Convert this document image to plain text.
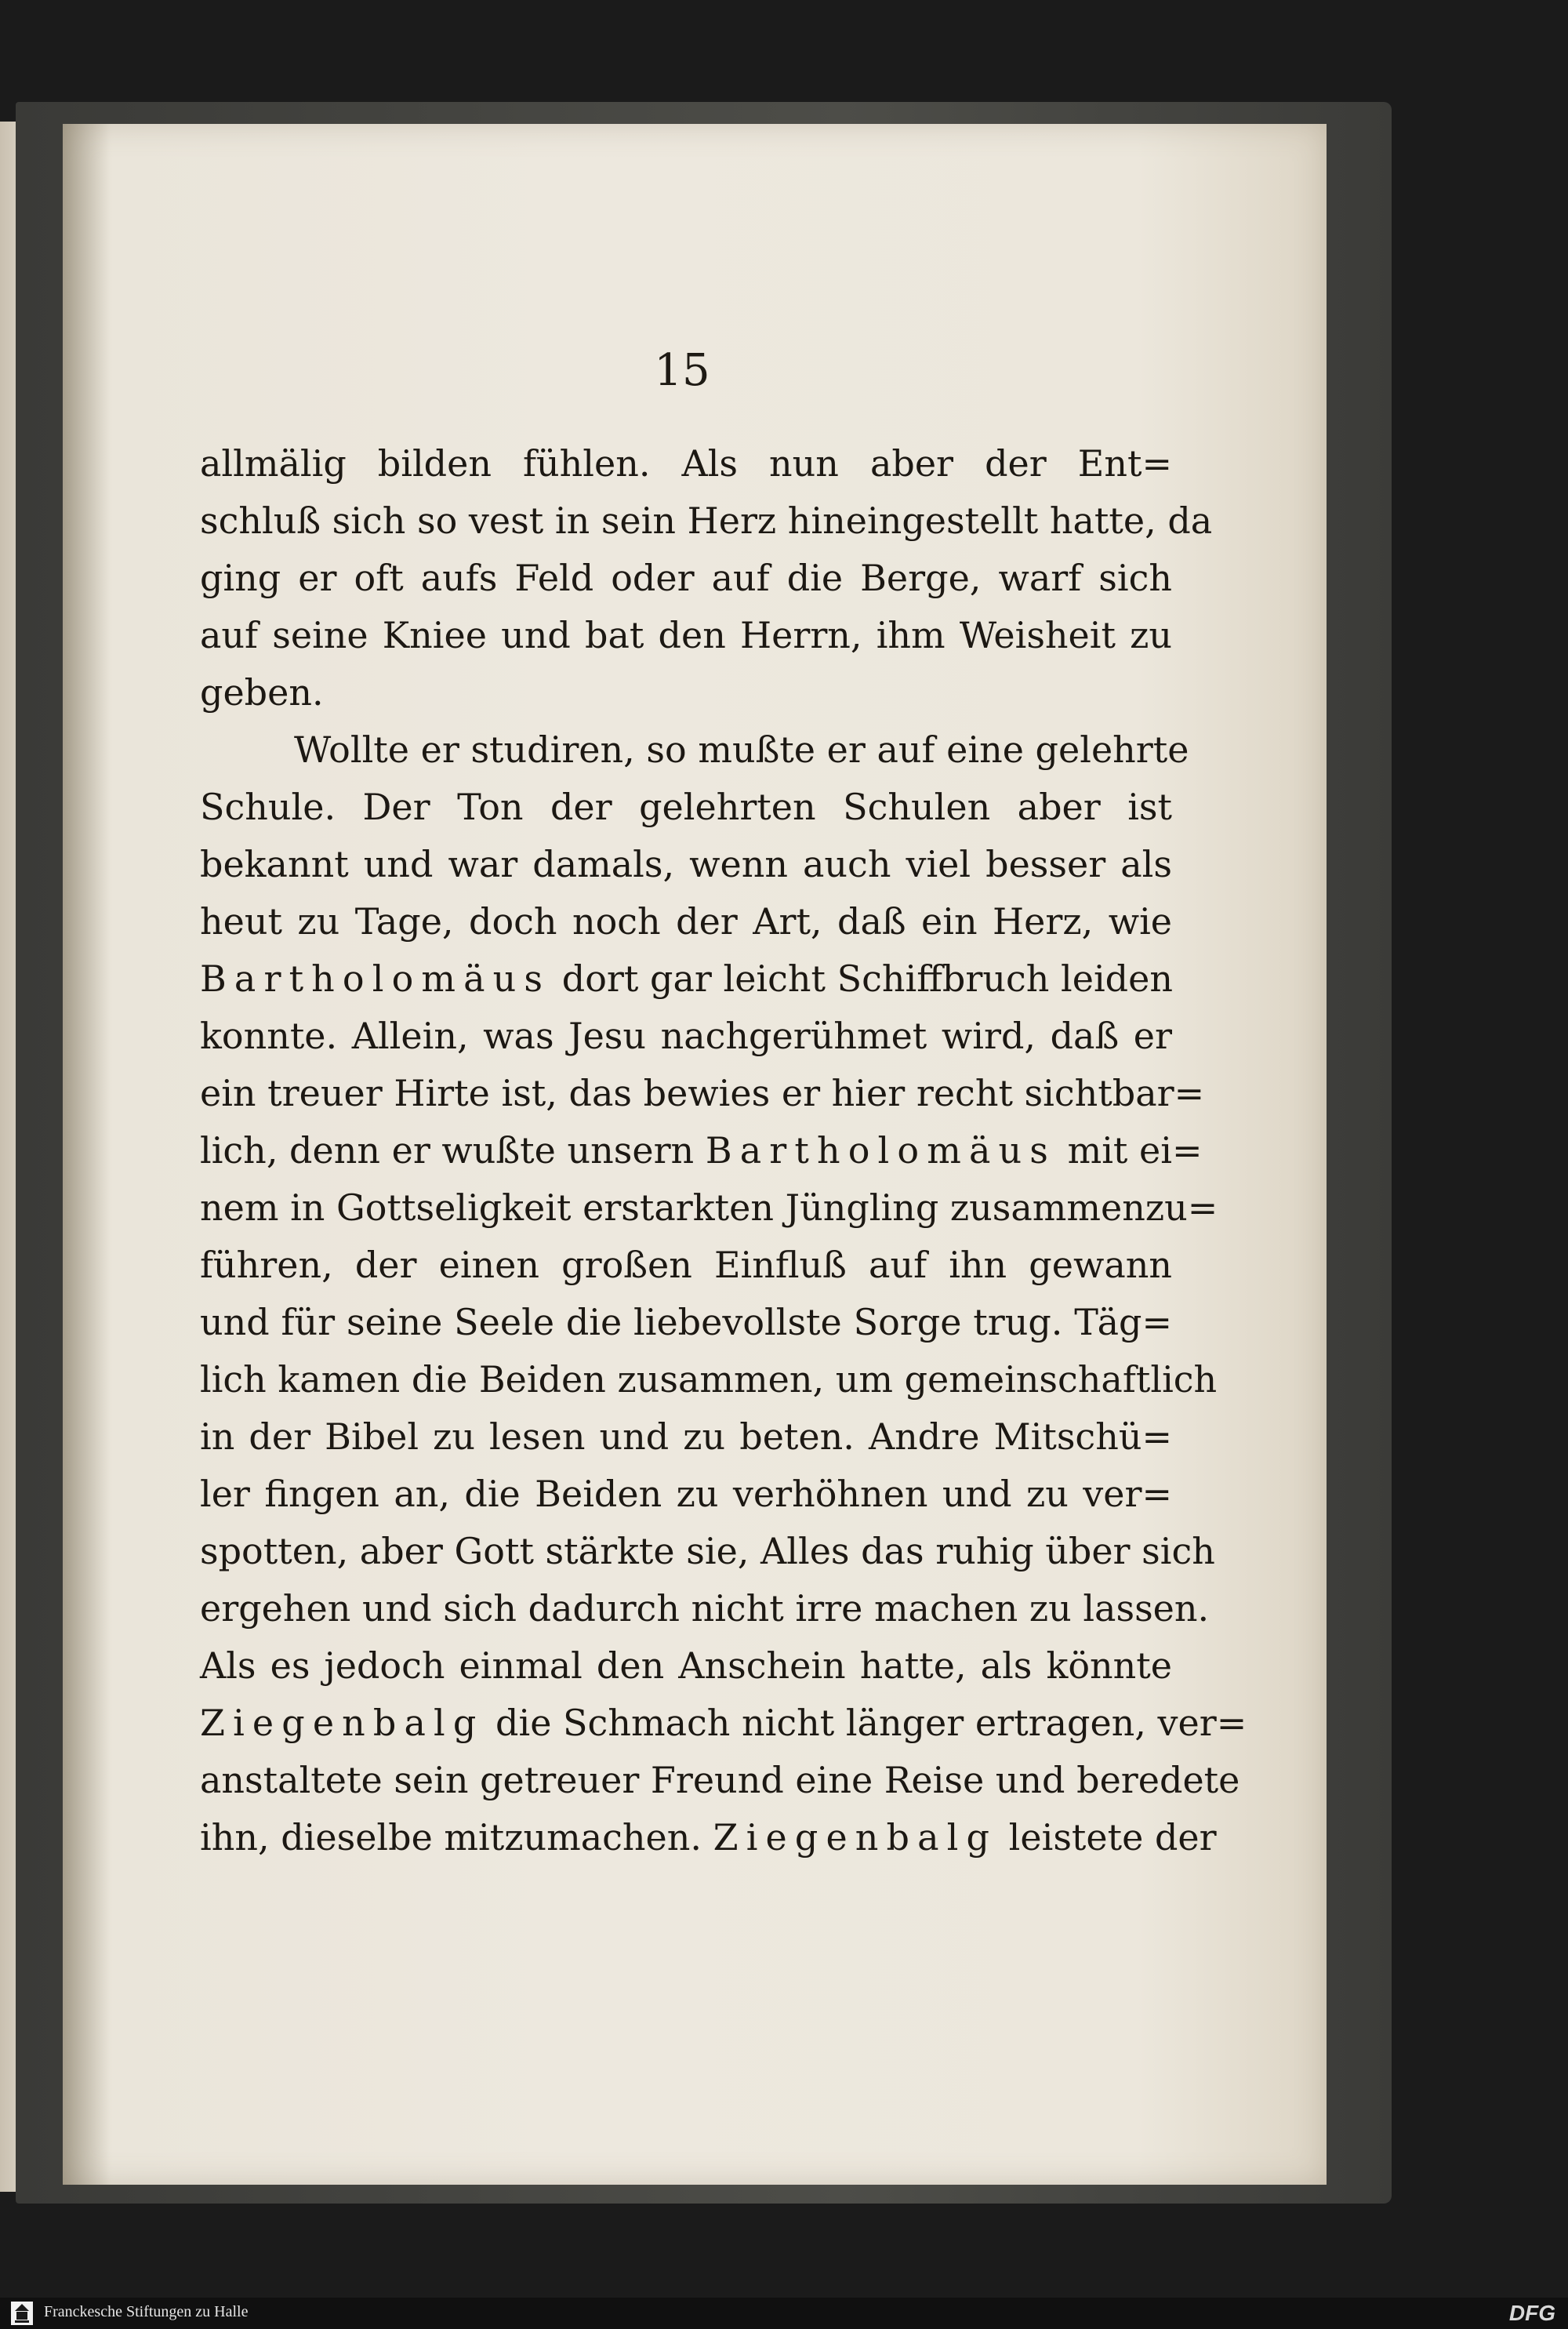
15
allmälig bilden fühlen. Als nun aber der Ent=
schluß sich so vest in sein Herz hineingestellt hatte, da
ging er oft aufs Feld oder auf die Berge, warf sich
auf seine Kniee und bat den Herrn, ihm Weisheit zu
geben.
Wollte er studiren, so mußte er auf eine gelehrte
Schule. Der Ton der gelehrten Schulen aber ist
bekannt und war damals, wenn auch viel besser als
heut zu Tage, doch noch der Art, daß ein Herz, wie
Bartholomäus dort gar leicht Schiffbruch leiden
konnte. Allein, was Jesu nachgerühmet wird, daß er
ein treuer Hirte ist, das bewies er hier recht sichtbar=
lich, denn er wußte unsern Bartholomäus mit ei=
nem in Gottseligkeit erstarkten Jüngling zusammenzu=
führen, der einen großen Einfluß auf ihn gewann
und für seine Seele die liebevollste Sorge trug. Täg=
lich kamen die Beiden zusammen, um gemeinschaftlich
in der Bibel zu lesen und zu beten. Andre Mitschü=
ler fingen an, die Beiden zu verhöhnen und zu ver=
spotten, aber Gott stärkte sie, Alles das ruhig über sich
ergehen und sich dadurch nicht irre machen zu lassen.
Als es jedoch einmal den Anschein hatte, als könnte
Ziegenbalg die Schmach nicht länger ertragen, ver=
anstaltete sein getreuer Freund eine Reise und beredete
ihn, dieselbe mitzumachen. Ziegenbalg leistete der
Franckesche Stiftungen zu Halle	DFG
